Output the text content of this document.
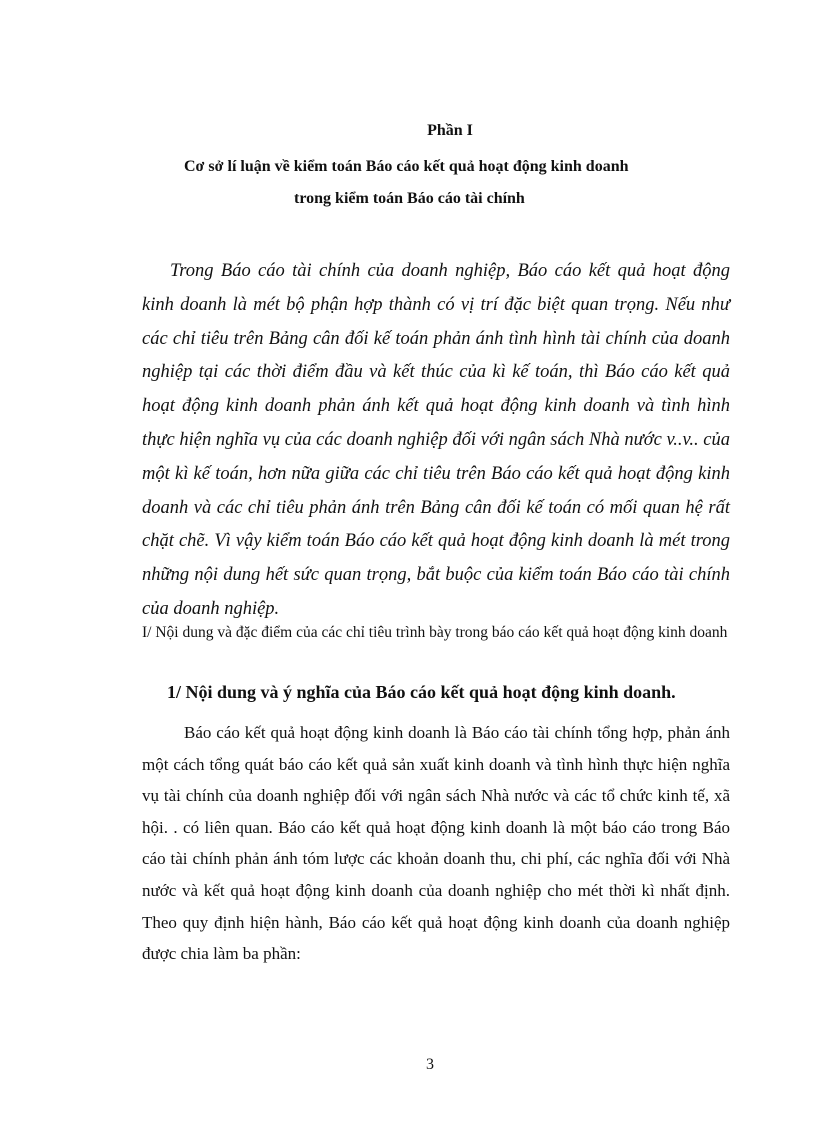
Phần I
Cơ sở lí luận về kiểm toán Báo cáo kết quả hoạt động kinh doanh
trong kiểm toán Báo cáo tài chính

Trong Báo cáo tài chính của doanh nghiệp, Báo cáo kết quả hoạt động kinh doanh là mét bộ phận hợp thành có vị trí đặc biệt quan trọng. Nếu như các chỉ tiêu trên Bảng cân đối kế toán phản ánh tình hình tài chính của doanh nghiệp tại các thời điểm đầu và kết thúc của kì kế toán, thì Báo cáo kết quả hoạt động kinh doanh phản ánh kết quả hoạt động kinh doanh và tình hình thực hiện nghĩa vụ của các doanh nghiệp đối với ngân sách Nhà nước v..v.. của một kì kế toán, hơn nữa giữa các chỉ tiêu trên Báo cáo kết quả hoạt động kinh doanh và các chỉ tiêu phản ánh trên Bảng cân đối kế toán có mối quan hệ rất chặt chẽ. Vì vậy kiểm toán Báo cáo kết quả hoạt động kinh doanh là mét trong những nội dung hết sức quan trọng, bắt buộc của kiểm toán Báo cáo tài chính của doanh nghiệp.

I/ Nội dung và đặc điểm của các chỉ tiêu trình bày trong báo cáo kết quả hoạt động kinh doanh
1/ Nội dung và ý nghĩa của Báo cáo kết quả hoạt động kinh doanh.

Báo cáo kết quả hoạt động kinh doanh là Báo cáo tài chính tổng hợp, phản ánh một cách tổng quát báo cáo kết quả sản xuất kinh doanh và tình hình thực hiện nghĩa vụ tài chính của doanh nghiệp đối với ngân sách Nhà nước và các tổ chức kinh tế, xã hội. . có liên quan. Báo cáo kết quả hoạt động kinh doanh là một báo cáo trong Báo cáo tài chính phản ánh tóm lược các khoản doanh thu, chi phí, các nghĩa đối với Nhà nước và kết quả hoạt động kinh doanh của doanh nghiệp cho mét thời kì nhất định. Theo quy định hiện hành, Báo cáo kết quả hoạt động kinh doanh của doanh nghiệp được chia làm ba phần:

3
